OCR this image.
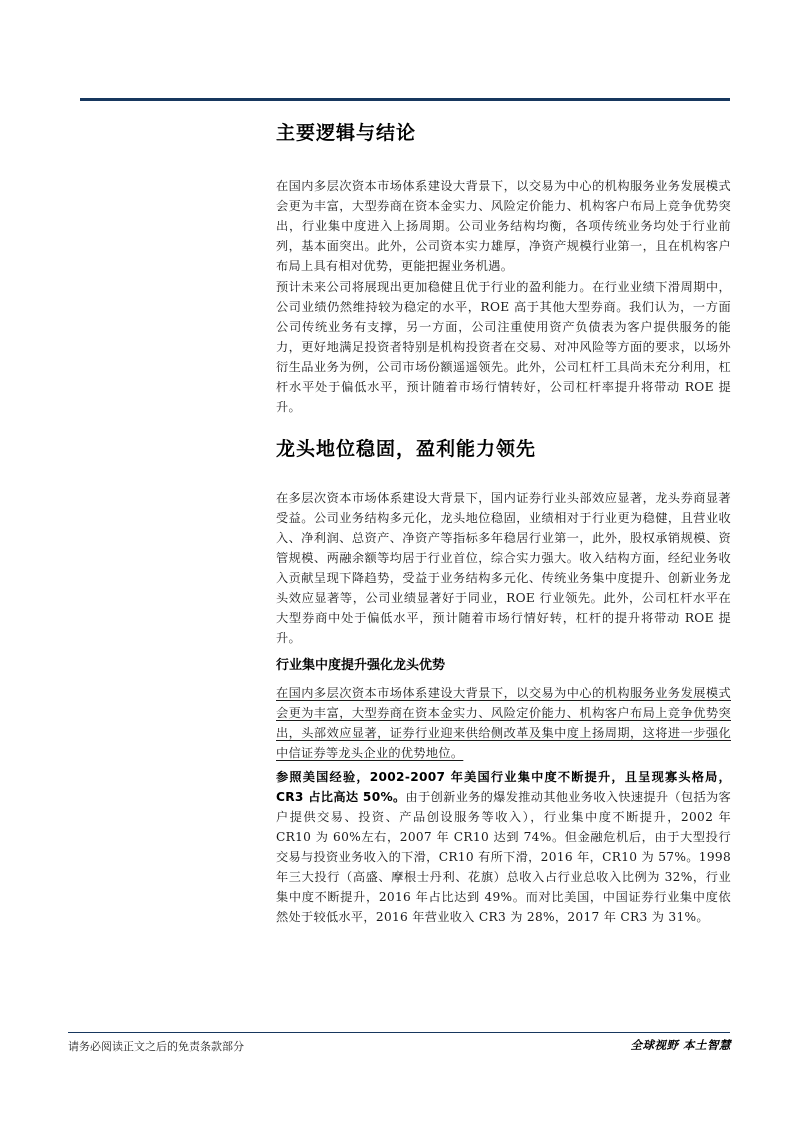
主要逻辑与结论

在国内多层次资本市场体系建设大背景下，以交易为中心的机构服务业务发展模式会更为丰富，大型券商在资本金实力、风险定价能力、机构客户布局上竞争优势突出，行业集中度进入上扬周期。公司业务结构均衡，各项传统业务均处于行业前列，基本面突出。此外，公司资本实力雄厚，净资产规模行业第一，且在机构客户布局上具有相对优势，更能把握业务机遇。

预计未来公司将展现出更加稳健且优于行业的盈利能力。在行业业绩下滑周期中，公司业绩仍然维持较为稳定的水平，ROE 高于其他大型券商。我们认为，一方面公司传统业务有支撑，另一方面，公司注重使用资产负债表为客户提供服务的能力，更好地满足投资者特别是机构投资者在交易、对冲风险等方面的要求，以场外衍生品业务为例，公司市场份额遥遥领先。此外，公司杠杆工具尚未充分利用，杠杆水平处于偏低水平，预计随着市场行情转好，公司杠杆率提升将带动 ROE 提升。

龙头地位稳固，盈利能力领先

在多层次资本市场体系建设大背景下，国内证券行业头部效应显著，龙头券商显著受益。公司业务结构多元化，龙头地位稳固，业绩相对于行业更为稳健，且营业收入、净利润、总资产、净资产等指标多年稳居行业第一，此外，股权承销规模、资管规模、两融余额等均居于行业首位，综合实力强大。收入结构方面，经纪业务收入贡献呈现下降趋势，受益于业务结构多元化、传统业务集中度提升、创新业务龙头效应显著等，公司业绩显著好于同业，ROE 行业领先。此外，公司杠杆水平在大型券商中处于偏低水平，预计随着市场行情好转，杠杆的提升将带动 ROE 提升。

行业集中度提升强化龙头优势

在国内多层次资本市场体系建设大背景下，以交易为中心的机构服务业务发展模式会更为丰富，大型券商在资本金实力、风险定价能力、机构客户布局上竞争优势突出，头部效应显著，证券行业迎来供给侧改革及集中度上扬周期，这将进一步强化中信证券等龙头企业的优势地位。

参照美国经验，2002-2007 年美国行业集中度不断提升，且呈现寡头格局，CR3 占比高达 50%。由于创新业务的爆发推动其他业务收入快速提升（包括为客户提供交易、投资、产品创设服务等收入），行业集中度不断提升，2002 年 CR10 为 60%左右，2007 年 CR10 达到 74%。但金融危机后，由于大型投行交易与投资业务收入的下滑，CR10 有所下滑，2016 年，CR10 为 57%。1998 年三大投行（高盛、摩根士丹利、花旗）总收入占行业总收入比例为 32%，行业集中度不断提升，2016 年占比达到 49%。而对比美国，中国证券行业集中度依然处于较低水平，2016 年营业收入 CR3 为 28%，2017 年 CR3 为 31%。

请务必阅读正文之后的免责条款部分	全球视野 本土智慧
